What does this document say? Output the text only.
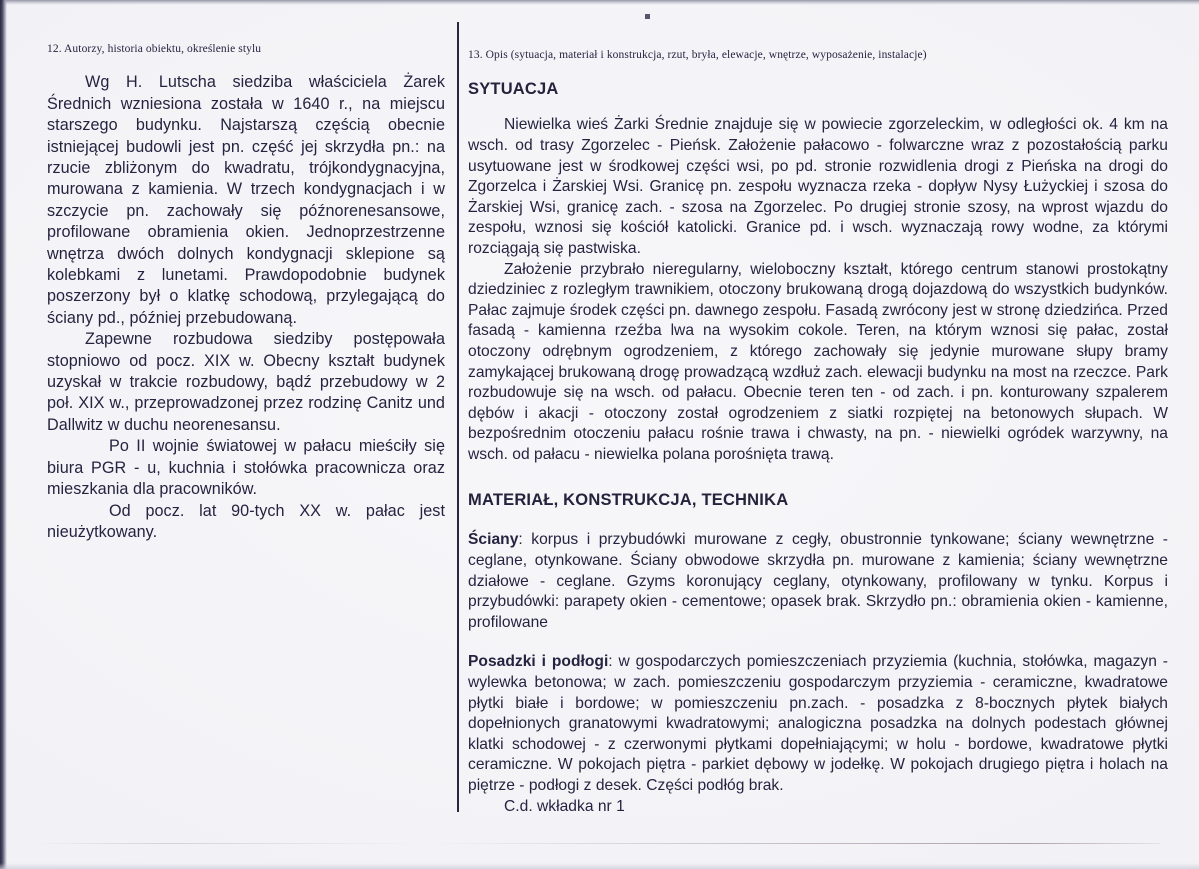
12. Autorzy, historia obiektu, określenie stylu

Wg H. Lutscha siedziba właściciela Żarek Średnich wzniesiona została w 1640 r., na miejscu starszego budynku. Najstarszą częścią obecnie istniejącej budowli jest pn. część jej skrzydła pn.: na rzucie zbliżonym do kwadratu, trójkondygnacyjna, murowana z kamienia. W trzech kondygnacjach i w szczycie pn. zachowały się późnorenesansowe, profilowane obramienia okien. Jednoprzestrzenne wnętrza dwóch dolnych kondygnacji sklepione są kolebkami z lunetami. Prawdopodobnie budynek poszerzony był o klatkę schodową, przylegającą do ściany pd., później przebudowaną.

Zapewne rozbudowa siedziby postępowała stopniowo od pocz. XIX w. Obecny kształt budynek uzyskał w trakcie rozbudowy, bądź przebudowy w 2 poł. XIX w., przeprowadzonej przez rodzinę Canitz und Dallwitz w duchu neorenesansu.

Po II wojnie światowej w pałacu mieściły się biura PGR - u, kuchnia i stołówka pracownicza oraz mieszkania dla pracowników.

Od pocz. lat 90-tych XX w. pałac jest nieużytkowany.

13. Opis (sytuacja, materiał i konstrukcja, rzut, bryła, elewacje, wnętrze, wyposażenie, instalacje)

SYTUACJA

Niewielka wieś Żarki Średnie znajduje się w powiecie zgorzeleckim, w odległości ok. 4 km na wsch. od trasy Zgorzelec - Pieńsk. Założenie pałacowo - folwarczne wraz z pozostałością parku usytuowane jest w środkowej części wsi, po pd. stronie rozwidlenia drogi z Pieńska na drogi do Zgorzelca i Żarskiej Wsi. Granicę pn. zespołu wyznacza rzeka - dopływ Nysy Łużyckiej i szosa do Żarskiej Wsi, granicę zach. - szosa na Zgorzelec. Po drugiej stronie szosy, na wprost wjazdu do zespołu, wznosi się kościół katolicki. Granice pd. i wsch. wyznaczają rowy wodne, za którymi rozciągają się pastwiska.

Założenie przybrało nieregularny, wieloboczny kształt, którego centrum stanowi prostokątny dziedziniec z rozległym trawnikiem, otoczony brukowaną drogą dojazdową do wszystkich budynków. Pałac zajmuje środek części pn. dawnego zespołu. Fasadą zwrócony jest w stronę dziedzińca. Przed fasadą - kamienna rzeźba lwa na wysokim cokole. Teren, na którym wznosi się pałac, został otoczony odrębnym ogrodzeniem, z którego zachowały się jedynie murowane słupy bramy zamykającej brukowaną drogę prowadzącą wzdłuż zach. elewacji budynku na most na rzeczce. Park rozbudowuje się na wsch. od pałacu. Obecnie teren ten - od zach. i pn. konturowany szpalerem dębów i akacji - otoczony został ogrodzeniem z siatki rozpiętej na betonowych słupach. W bezpośrednim otoczeniu pałacu rośnie trawa i chwasty, na pn. - niewielki ogródek warzywny, na wsch. od pałacu - niewielka polana porośnięta trawą.

MATERIAŁ, KONSTRUKCJA, TECHNIKA

Ściany: korpus i przybudówki murowane z cegły, obustronnie tynkowane; ściany wewnętrzne - ceglane, otynkowane. Ściany obwodowe skrzydła pn. murowane z kamienia; ściany wewnętrzne działowe - ceglane. Gzyms koronujący ceglany, otynkowany, profilowany w tynku. Korpus i przybudówki: parapety okien - cementowe; opasek brak. Skrzydło pn.: obramienia okien - kamienne, profilowane

Posadzki i podłogi: w gospodarczych pomieszczeniach przyziemia (kuchnia, stołówka, magazyn - wylewka betonowa; w zach. pomieszczeniu gospodarczym przyziemia - ceramiczne, kwadratowe płytki białe i bordowe; w pomieszczeniu pn.zach. - posadzka z 8-bocznych płytek białych dopełnionych granatowymi kwadratowymi; analogiczna posadzka na dolnych podestach głównej klatki schodowej - z czerwonymi płytkami dopełniającymi; w holu - bordowe, kwadratowe płytki ceramiczne. W pokojach piętra - parkiet dębowy w jodełkę. W pokojach drugiego piętra i holach na piętrze - podłogi z desek. Części podłóg brak.

C.d. wkładka nr 1
